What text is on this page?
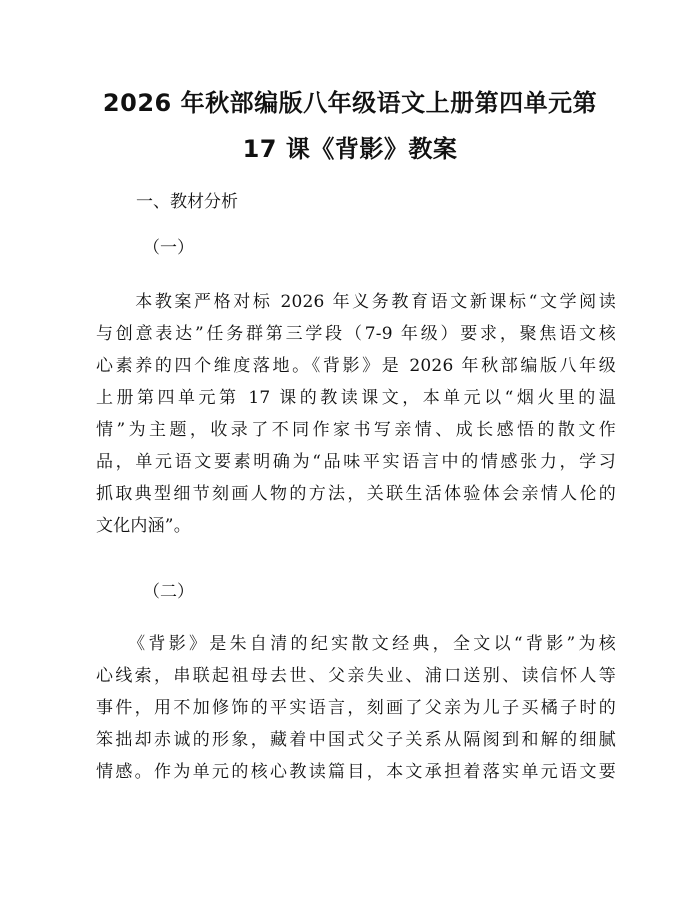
2026 年秋部编版八年级语文上册第四单元第
17 课《背影》教案

一、教材分析

（一）

　　本教案严格对标 2026 年义务教育语文新课标“文学阅读
与创意表达”任务群第三学段（7-9 年级）要求，聚焦语文核
心素养的四个维度落地。《背影》是 2026 年秋部编版八年级
上册第四单元第 17 课的教读课文，本单元以“烟火里的温
情”为主题，收录了不同作家书写亲情、成长感悟的散文作
品，单元语文要素明确为“品味平实语言中的情感张力，学习
抓取典型细节刻画人物的方法，关联生活体验体会亲情人伦的
文化内涵”。

（二）

　　《背影》是朱自清的纪实散文经典，全文以“背影”为核
心线索，串联起祖母去世、父亲失业、浦口送别、读信怀人等
事件，用不加修饰的平实语言，刻画了父亲为儿子买橘子时的
笨拙却赤诚的形象，藏着中国式父子关系从隔阂到和解的细腻
情感。作为单元的核心教读篇目，本文承担着落实单元语文要
